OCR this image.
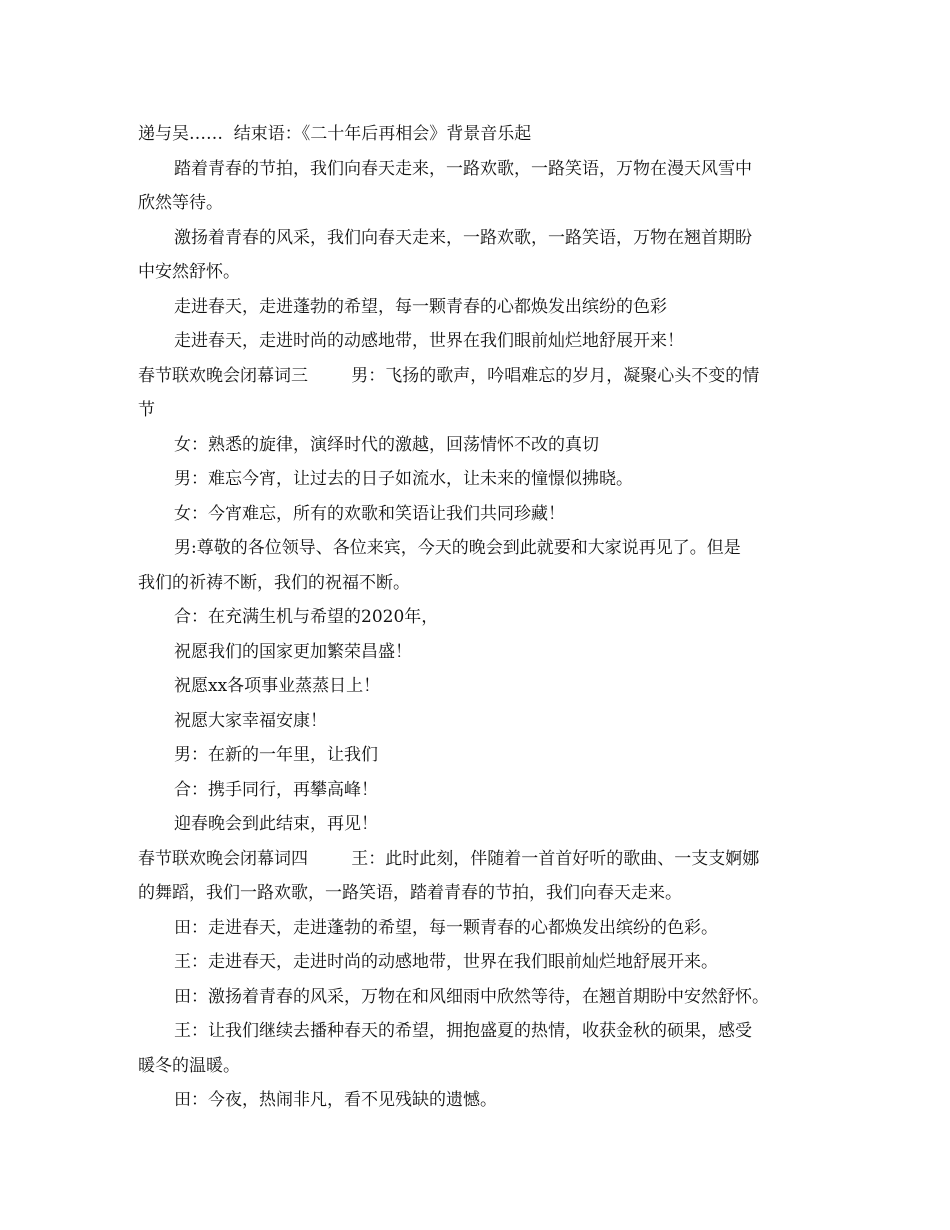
递与吴……  结束语：《二十年后再相会》背景音乐起
踏着青春的节拍，我们向春天走来，一路欢歌，一路笑语，万物在漫天风雪中
欣然等待。
激扬着青春的风采，我们向春天走来，一路欢歌，一路笑语，万物在翘首期盼
中安然舒怀。
走进春天，走进蓬勃的希望，每一颗青春的心都焕发出缤纷的色彩
走进春天，走进时尚的动感地带，世界在我们眼前灿烂地舒展开来！
春节联欢晚会闭幕词三        男：飞扬的歌声，吟唱难忘的岁月，凝聚心头不变的情
节
女：熟悉的旋律，演绎时代的激越，回荡情怀不改的真切
男：难忘今宵，让过去的日子如流水，让未来的憧憬似拂晓。
女：今宵难忘，所有的欢歌和笑语让我们共同珍藏！
男:尊敬的各位领导、各位来宾，今天的晚会到此就要和大家说再见了。但是
我们的祈祷不断，我们的祝福不断。
合：在充满生机与希望的2020年，
祝愿我们的国家更加繁荣昌盛！
祝愿xx各项事业蒸蒸日上！
祝愿大家幸福安康！
男：在新的一年里，让我们
合：携手同行，再攀高峰！
迎春晚会到此结束，再见！
春节联欢晚会闭幕词四        王：此时此刻，伴随着一首首好听的歌曲、一支支婀娜
的舞蹈，我们一路欢歌，一路笑语，踏着青春的节拍，我们向春天走来。
田：走进春天，走进蓬勃的希望，每一颗青春的心都焕发出缤纷的色彩。
王：走进春天，走进时尚的动感地带，世界在我们眼前灿烂地舒展开来。
田：激扬着青春的风采，万物在和风细雨中欣然等待，在翘首期盼中安然舒怀。
王：让我们继续去播种春天的希望，拥抱盛夏的热情，收获金秋的硕果，感受
暖冬的温暖。
田：今夜，热闹非凡，看不见残缺的遗憾。
